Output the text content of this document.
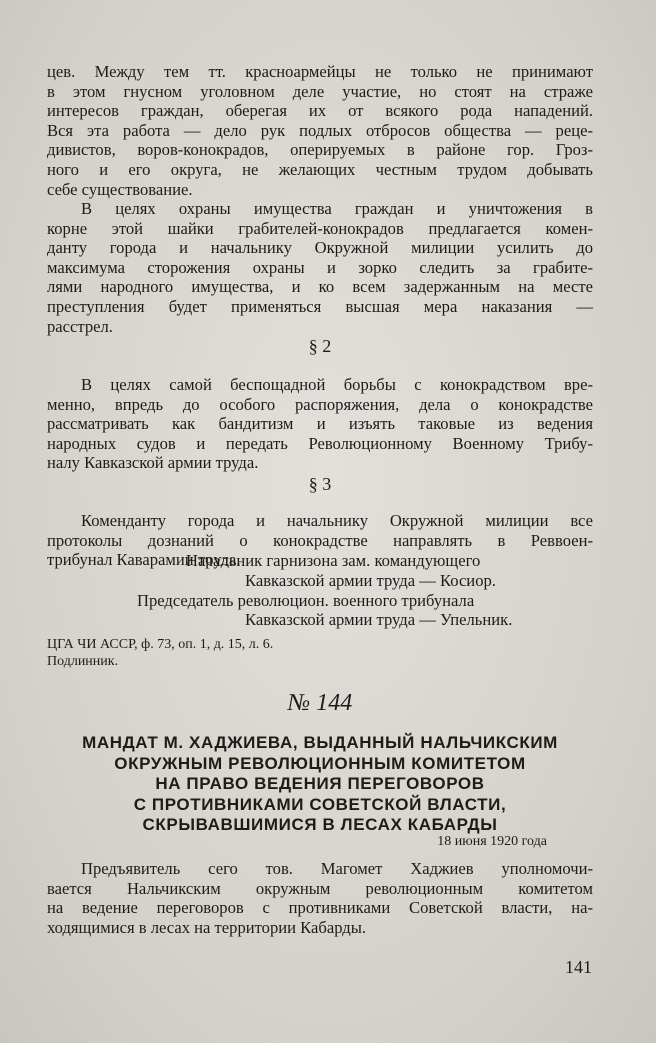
цев. Между тем тт. красноармейцы не только не принимают
в этом гнусном уголовном деле участие, но стоят на страже
интересов граждан, оберегая их от всякого рода нападений.
Вся эта работа — дело рук подлых отбросов общества — реце-
дивистов, воров-конокрадов, оперируемых в районе гор. Гроз-
ного и его округа, не желающих честным трудом добывать
себе существование.

В целях охраны имущества граждан и уничтожения в
корне этой шайки грабителей-конокрадов предлагается комен-
данту города и начальнику Окружной милиции усилить до
максимума сторожения охраны и зорко следить за грабите-
лями народного имущества, и ко всем задержанным на месте
преступления будет применяться высшая мера наказания —
расстрел.

§ 2

В целях самой беспощадной борьбы с конокрадством вре-
менно, впредь до особого распоряжения, дела о конокрадстве
рассматривать как бандитизм и изъять таковые из ведения
народных судов и передать Революционному Военному Трибу-
налу Кавказской армии труда.

§ 3

Коменданту города и начальнику Окружной милиции все
протоколы дознаний о конокрадстве направлять в Реввоен-
трибунал Каварамии труда.

Начальник гарнизона зам. командующего
Кавказской армии труда — Косиор.
Председатель революцион. военного трибунала
Кавказской армии труда — Упельник.
ЦГА ЧИ АССР, ф. 73, оп. 1, д. 15, л. 6.
Подлинник.
№ 144
МАНДАТ М. ХАДЖИЕВА, ВЫДАННЫЙ НАЛЬЧИКСКИМ
ОКРУЖНЫМ РЕВОЛЮЦИОННЫМ КОМИТЕТОМ
НА ПРАВО ВЕДЕНИЯ ПЕРЕГОВОРОВ
С ПРОТИВНИКАМИ СОВЕТСКОЙ ВЛАСТИ,
СКРЫВАВШИМИСЯ В ЛЕСАХ КАБАРДЫ
18 июня 1920 года

Предъявитель сего тов. Магомет Хаджиев уполномочи-
вается Нальчикским окружным революционным комитетом
на ведение переговоров с противниками Советской власти, на-
ходящимися в лесах на территории Кабарды.

141
